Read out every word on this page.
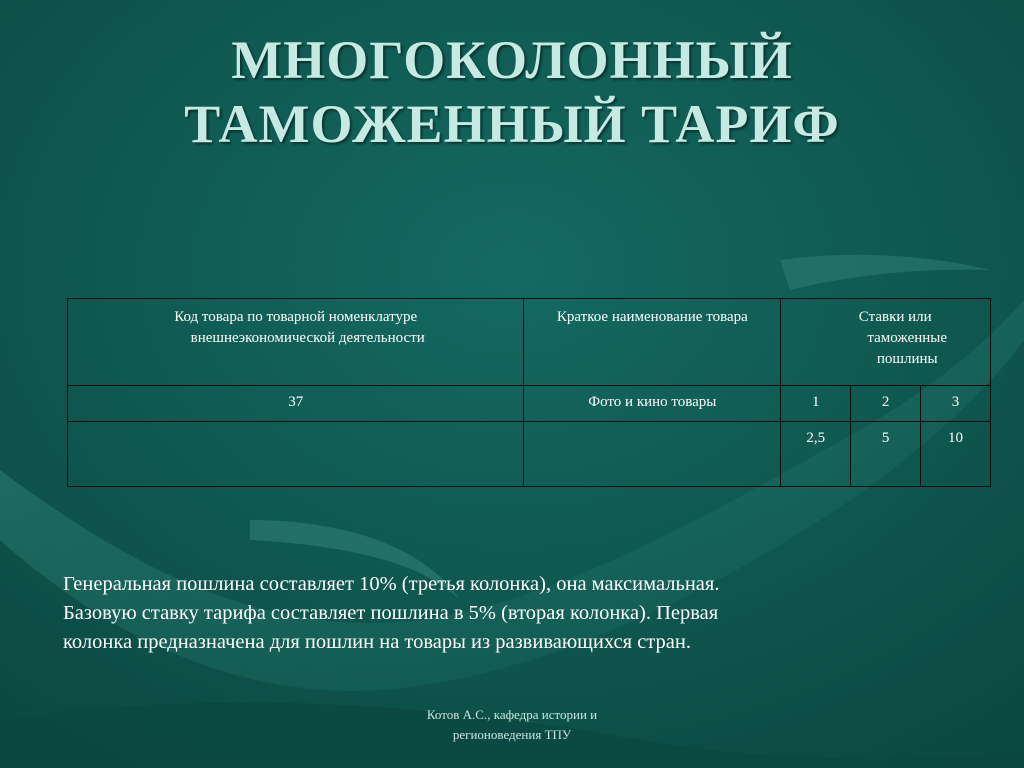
МНОГОКОЛОННЫЙ
ТАМОЖЕННЫЙ ТАРИФ
Код товара по товарной номенклатуре
внешнеэкономической деятельности	Краткое наименование товара	Ставки или
таможенные
пошлины		

37	Фото и кино товары	1	2	3

		2,5	5	10
Генеральная пошлина составляет 10% (третья колонка), она максимальная.
Базовую ставку тарифа составляет пошлина в 5% (вторая колонка). Первая
колонка предназначена для пошлин на товары из развивающихся стран.
Котов А.С., кафедра истории и
регионоведения ТПУ
